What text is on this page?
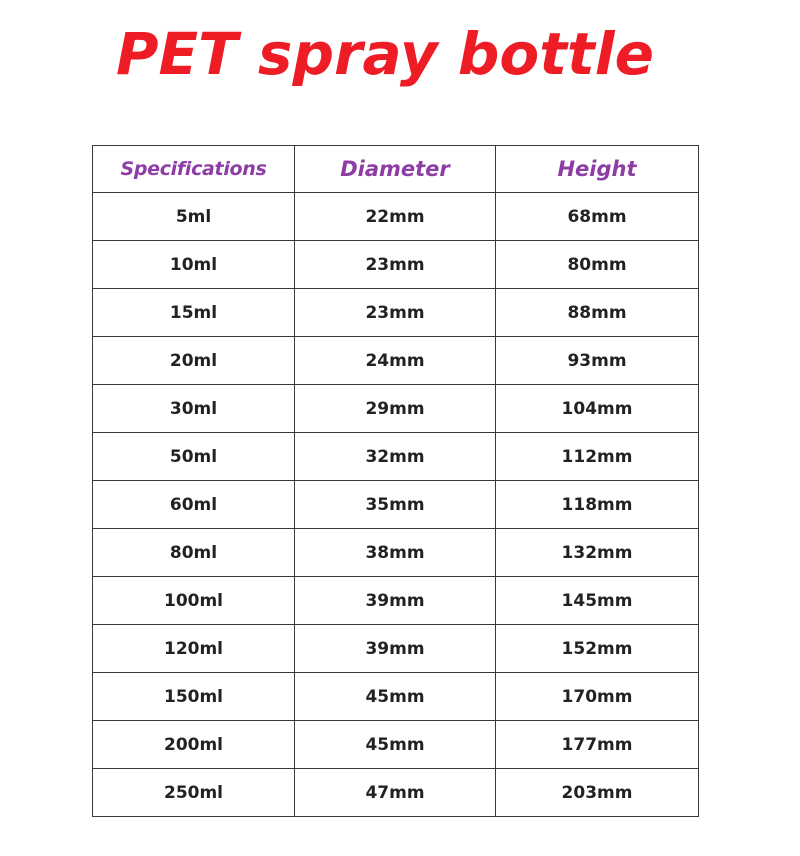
PET spray bottle
Specifications	Diameter	Height
5ml	22mm	68mm
10ml	23mm	80mm
15ml	23mm	88mm
20ml	24mm	93mm
30ml	29mm	104mm
50ml	32mm	112mm
60ml	35mm	118mm
80ml	38mm	132mm
100ml	39mm	145mm
120ml	39mm	152mm
150ml	45mm	170mm
200ml	45mm	177mm
250ml	47mm	203mm
